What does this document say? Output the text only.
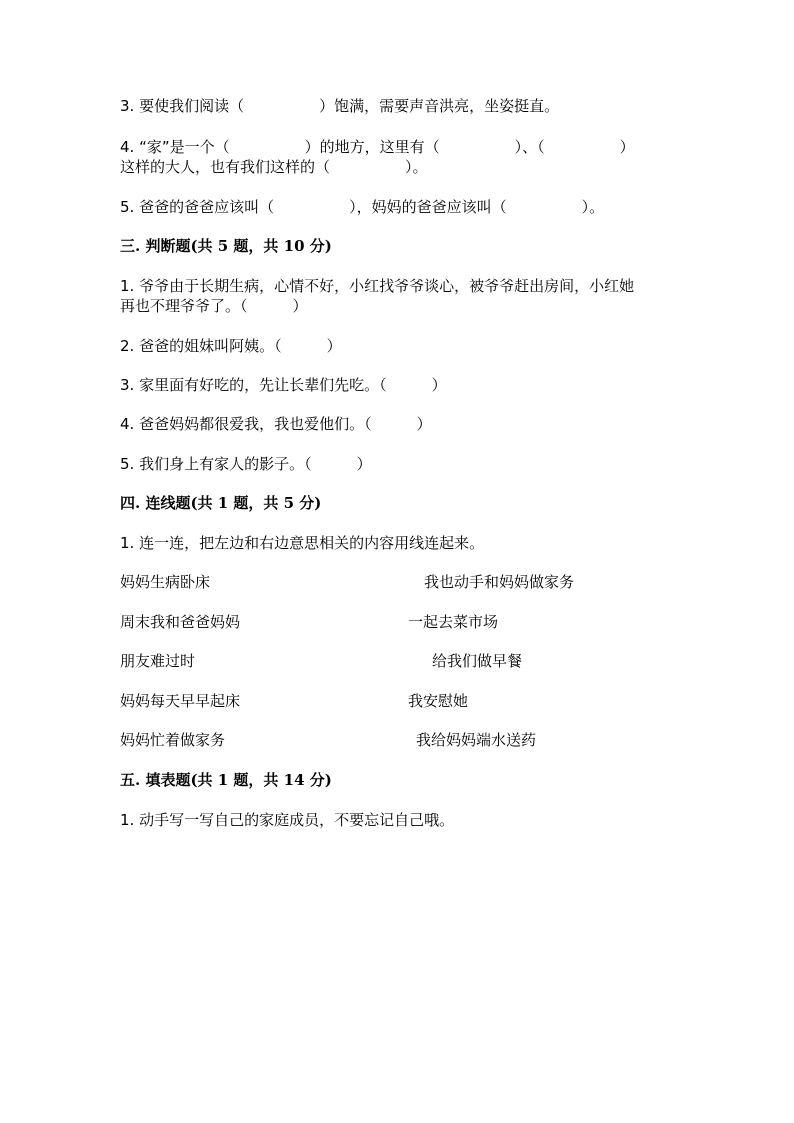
3. 要使我们阅读（　　　　　）饱满，需要声音洪亮，坐姿挺直。
4. “家”是一个（　　　　　）的地方，这里有（　　　　　）、（　　　　　）
这样的大人，也有我们这样的（　　　　　）。
5. 爸爸的爸爸应该叫（　　　　　），妈妈的爸爸应该叫（　　　　　）。
三. 判断题(共 5 题，共 10 分)
1. 爷爷由于长期生病，心情不好，小红找爷爷谈心，被爷爷赶出房间，小红她
再也不理爷爷了。（　　　）
2. 爸爸的姐妹叫阿姨。（　　　）
3. 家里面有好吃的，先让长辈们先吃。（　　　）
4. 爸爸妈妈都很爱我，我也爱他们。（　　　）
5. 我们身上有家人的影子。（　　　）
四. 连线题(共 1 题，共 5 分)
1. 连一连，把左边和右边意思相关的内容用线连起来。
妈妈生病卧床	我也动手和妈妈做家务
周末我和爸爸妈妈	一起去菜市场
朋友难过时	给我们做早餐
妈妈每天早早起床	我安慰她
妈妈忙着做家务	我给妈妈端水送药
五. 填表题(共 1 题，共 14 分)
1. 动手写一写自己的家庭成员，不要忘记自己哦。
